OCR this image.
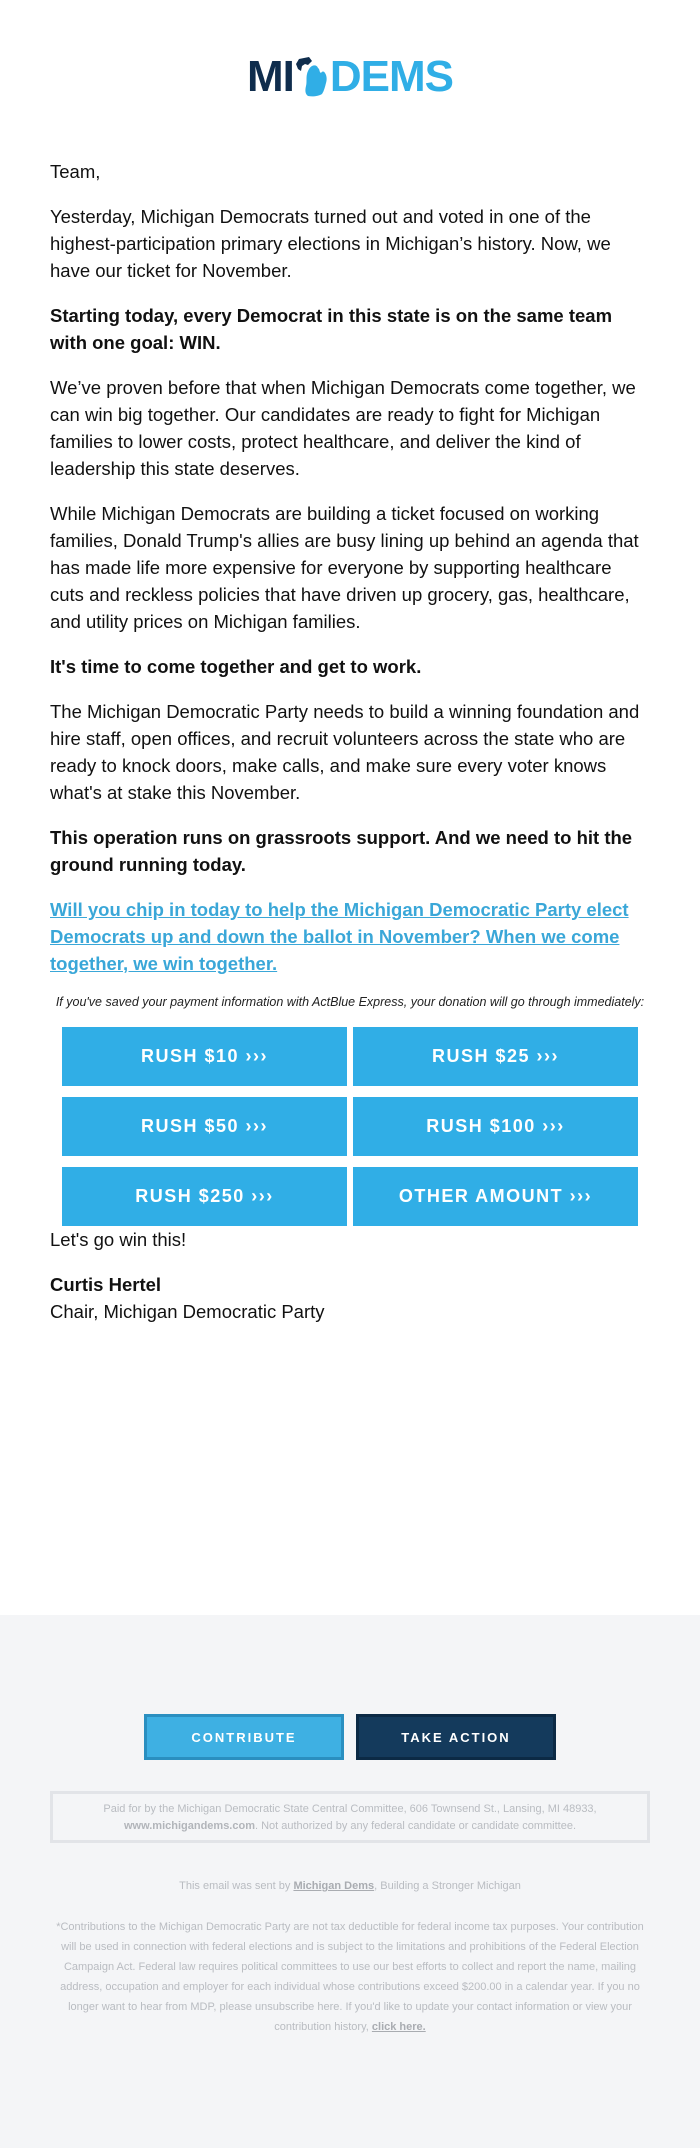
MI DEMS

Team,

Yesterday, Michigan Democrats turned out and voted in one of the highest-participation primary elections in Michigan’s history. Now, we have our ticket for November.

Starting today, every Democrat in this state is on the same team with one goal: WIN.

We’ve proven before that when Michigan Democrats come together, we can win big together. Our candidates are ready to fight for Michigan families to lower costs, protect healthcare, and deliver the kind of leadership this state deserves.

While Michigan Democrats are building a ticket focused on working families, Donald Trump's allies are busy lining up behind an agenda that has made life more expensive for everyone by supporting healthcare cuts and reckless policies that have driven up grocery, gas, healthcare, and utility prices on Michigan families.

It's time to come together and get to work.

The Michigan Democratic Party needs to build a winning foundation and hire staff, open offices, and recruit volunteers across the state who are ready to knock doors, make calls, and make sure every voter knows what's at stake this November.

This operation runs on grassroots support. And we need to hit the ground running today.

Will you chip in today to help the Michigan Democratic Party elect Democrats up and down the ballot in November? When we come together, we win together.
If you've saved your payment information with ActBlue Express, your donation will go through immediately:
RUSH $10 ›››	RUSH $25 ›››
RUSH $50 ›››	RUSH $100 ›››
RUSH $250 ›››	OTHER AMOUNT ›››

Let's go win this!

Curtis Hertel

Chair, Michigan Democratic Party

CONTRIBUTE	TAKE ACTION
Paid for by the Michigan Democratic State Central Committee, 606 Townsend St., Lansing, MI 48933,
www.michigandems.com. Not authorized by any federal candidate or candidate committee.
This email was sent by Michigan Dems, Building a Stronger Michigan
*Contributions to the Michigan Democratic Party are not tax deductible for federal income tax purposes. Your contribution will be used in connection with federal elections and is subject to the limitations and prohibitions of the Federal Election Campaign Act. Federal law requires political committees to use our best efforts to collect and report the name, mailing address, occupation and employer for each individual whose contributions exceed $200.00 in a calendar year. If you no longer want to hear from MDP, please unsubscribe here. If you'd like to update your contact information or view your contribution history, click here.
